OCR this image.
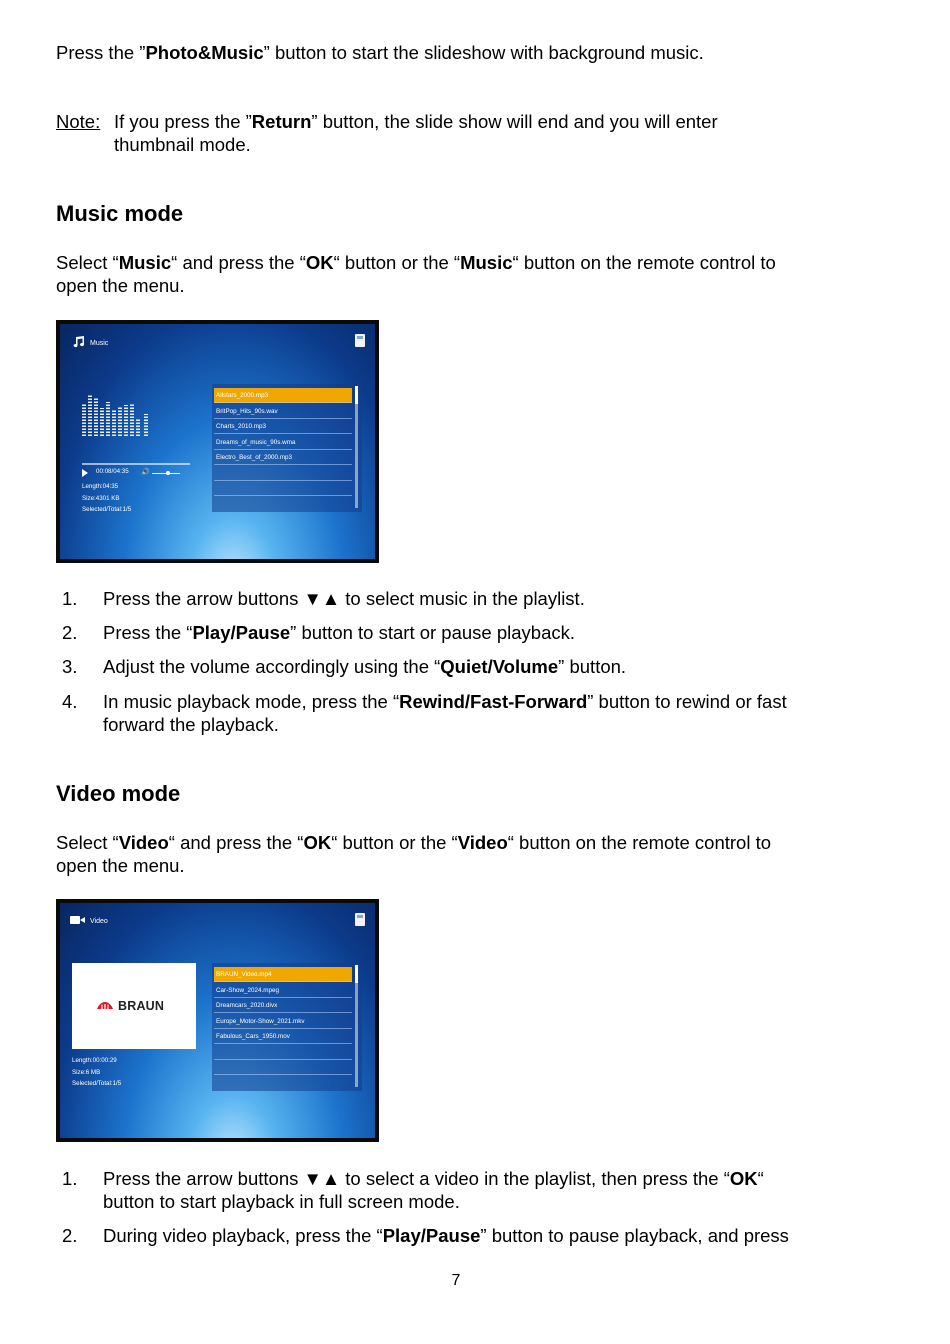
Press the ”Photo&Music” button to start the slideshow with background music.
Note: If you press the ”Return” button, the slide show will end and you will enter
thumbnail mode.
Music mode
Select “Music“ and press the “OK“ button or the “Music“ button on the remote control to
open the menu.
Music
00:08/04:35 🔊
Length:04:35
Size:4301 KB
Selected/Total:1/5
Allstars_2000.mp3
BritPop_Hits_90s.wav
Charts_2010.mp3
Dreams_of_music_90s.wma
Electro_Best_of_2000.mp3
1. Press the arrow buttons ▼▲ to select music in the playlist.
2. Press the “Play/Pause” button to start or pause playback.
3. Adjust the volume accordingly using the “Quiet/Volume” button.
4. In music playback mode, press the “Rewind/Fast-Forward” button to rewind or fast
forward the playback.
Video mode
Select “Video“ and press the “OK“ button or the “Video“ button on the remote control to
open the menu.
Video
BRAUN
Length:00:00:29
Size:6 MB
Selected/Total:1/5
BRAUN_Video.mp4
Car-Show_2024.mpeg
Dreamcars_2020.divx
Europe_Motor-Show_2021.mkv
Fabulous_Cars_1950.mov
1. Press the arrow buttons ▼▲ to select a video in the playlist, then press the “OK“
button to start playback in full screen mode.
2. During video playback, press the “Play/Pause” button to pause playback, and press
7
